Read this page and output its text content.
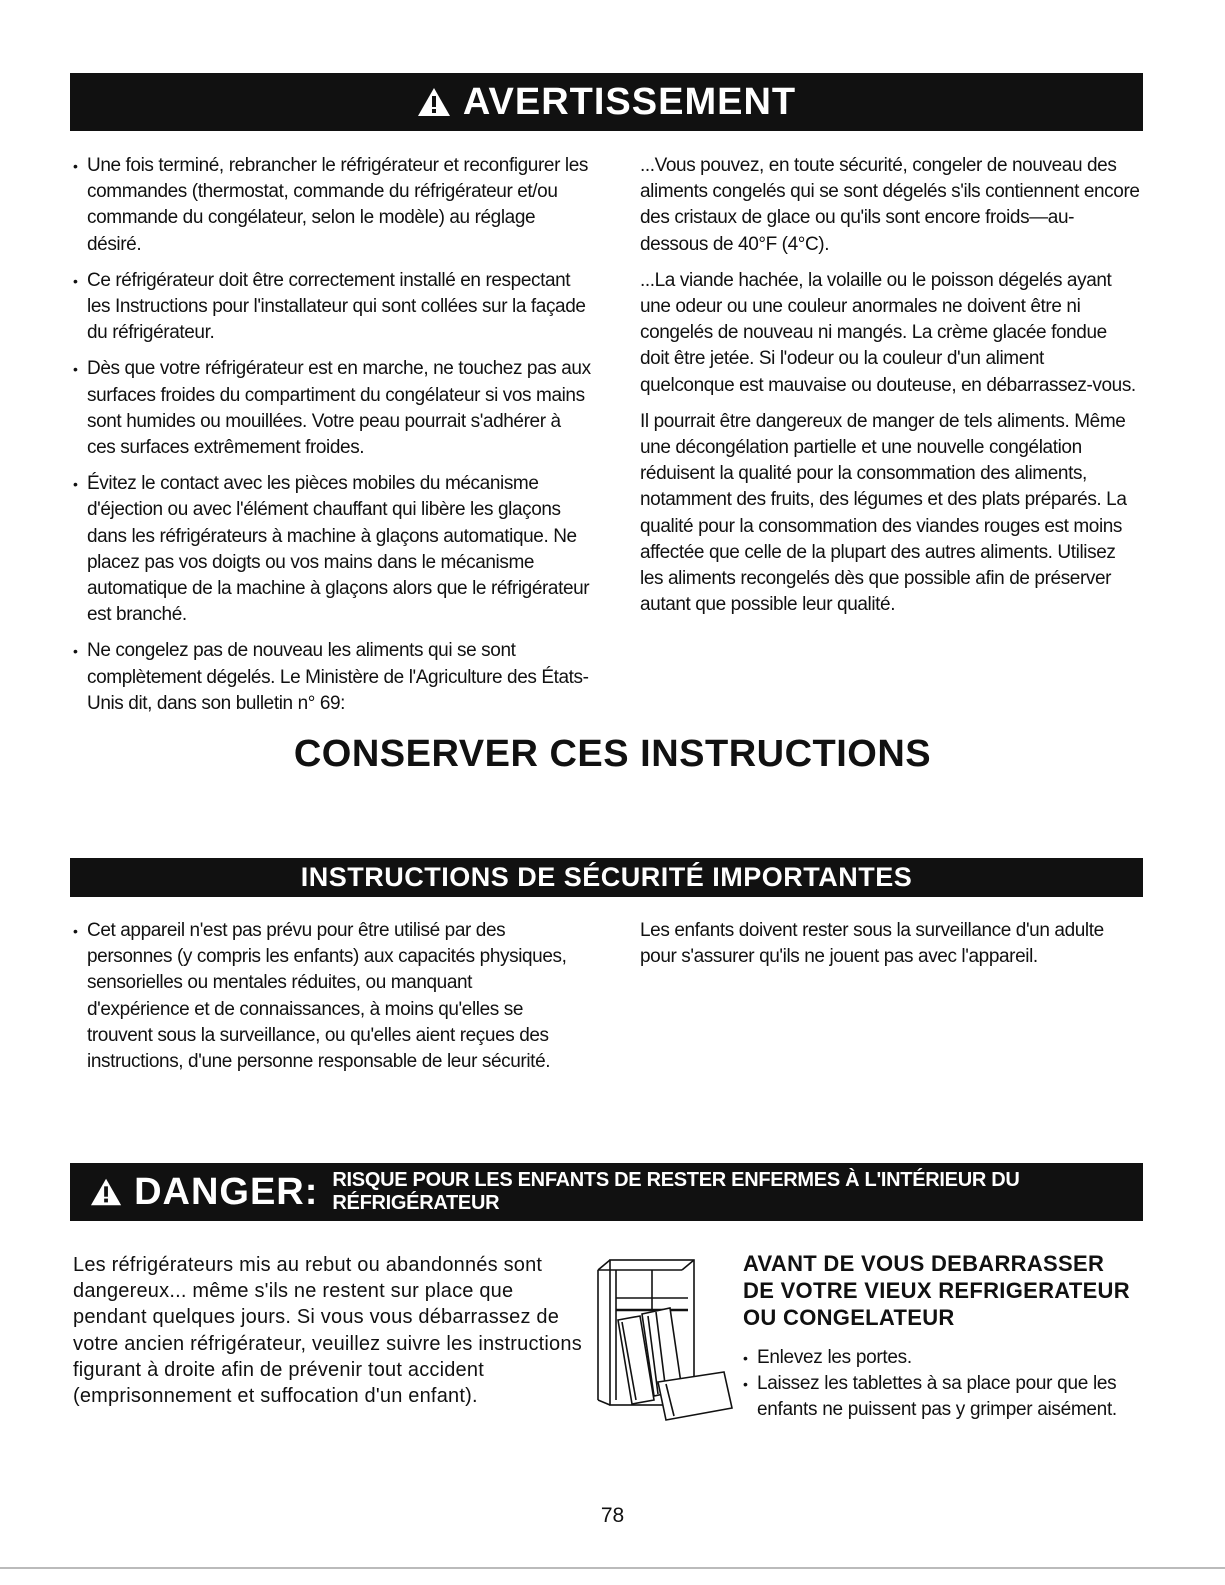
AVERTISSEMENT
• Une fois terminé, rebrancher le réfrigérateur et reconfigurer les commandes (thermostat, commande du réfrigérateur et/ou commande du congélateur, selon le modèle) au réglage désiré.
• Ce réfrigérateur doit être correctement installé en respectant les Instructions pour l'installateur qui sont collées sur la façade du réfrigérateur.
• Dès que votre réfrigérateur est en marche, ne touchez pas aux surfaces froides du compartiment du congélateur si vos mains sont humides ou mouillées. Votre peau pourrait s'adhérer à ces surfaces extrêmement froides.
• Évitez le contact avec les pièces mobiles du mécanisme d'éjection ou avec l'élément chauffant qui libère les glaçons dans les réfrigérateurs à machine à glaçons automatique. Ne placez pas vos doigts ou vos mains dans le mécanisme automatique de la machine à glaçons alors que le réfrigérateur est branché.
• Ne congelez pas de nouveau les aliments qui se sont complètement dégelés. Le Ministère de l'Agriculture des États-Unis dit, dans son bulletin n° 69:

...Vous pouvez, en toute sécurité, congeler de nouveau des aliments congelés qui se sont dégelés s'ils contiennent encore des cristaux de glace ou qu'ils sont encore froids—au-dessous de 40°F (4°C).

...La viande hachée, la volaille ou le poisson dégelés ayant une odeur ou une couleur anormales ne doivent être ni congelés de nouveau ni mangés. La crème glacée fondue doit être jetée. Si l'odeur ou la couleur d'un aliment quelconque est mauvaise ou douteuse, en débarrassez-vous.

Il pourrait être dangereux de manger de tels aliments. Même une décongélation partielle et une nouvelle congélation réduisent la qualité pour la consommation des aliments, notamment des fruits, des légumes et des plats préparés. La qualité pour la consommation des viandes rouges est moins affectée que celle de la plupart des autres aliments. Utilisez les aliments recongelés dès que possible afin de préserver autant que possible leur qualité.

CONSERVER CES INSTRUCTIONS
INSTRUCTIONS DE SÉCURITÉ IMPORTANTES
• Cet appareil n'est pas prévu pour être utilisé par des personnes (y compris les enfants) aux capacités physiques, sensorielles ou mentales réduites, ou manquant d'expérience et de connaissances, à moins qu'elles se trouvent sous la surveillance, ou qu'elles aient reçues des instructions, d'une personne responsable de leur sécurité.

Les enfants doivent rester sous la surveillance d'un adulte pour s'assurer qu'ils ne jouent pas avec l'appareil.

DANGER: RISQUE POUR LES ENFANTS DE RESTER ENFERMES À L'INTÉRIEUR DU RÉFRIGÉRATEUR
Les réfrigérateurs mis au rebut ou abandonnés sont dangereux... même s'ils ne restent sur place que pendant quelques jours. Si vous vous débarrassez de votre ancien réfrigérateur, veuillez suivre les instructions figurant à droite afin de prévenir tout accident (emprisonnement et suffocation d'un enfant).
AVANT DE VOUS DEBARRASSER
DE VOTRE VIEUX REFRIGERATEUR
OU CONGELATEUR
• Enlevez les portes.
• Laissez les tablettes à sa place pour que les enfants ne puissent pas y grimper aisément.
78
